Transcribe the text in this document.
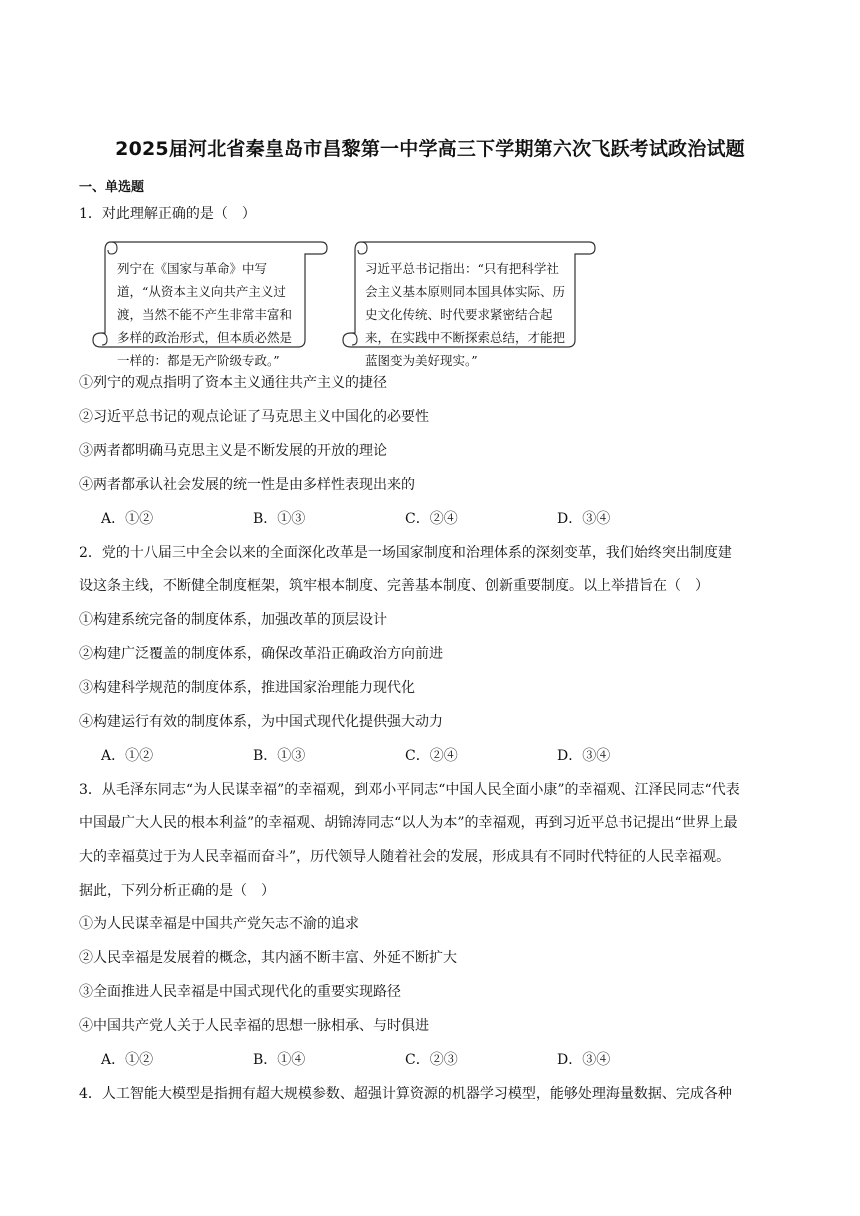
2025届河北省秦皇岛市昌黎第一中学高三下学期第六次飞跃考试政治试题
一、单选题
1．对此理解正确的是（　）
列宁在《国家与革命》中写道，“从资本主义向共产主义过渡，当然不能不产生非常丰富和多样的政治形式，但本质必然是一样的：都是无产阶级专政。”
习近平总书记指出：“只有把科学社会主义基本原则同本国具体实际、历史文化传统、时代要求紧密结合起来，在实践中不断探索总结，才能把蓝图变为美好现实。”
①列宁的观点指明了资本主义通往共产主义的捷径
②习近平总书记的观点论证了马克思主义中国化的必要性
③两者都明确马克思主义是不断发展的开放的理论
④两者都承认社会发展的统一性是由多样性表现出来的
A．①②	B．①③	C．②④	D．③④
2．党的十八届三中全会以来的全面深化改革是一场国家制度和治理体系的深刻变革，我们始终突出制度建
设这条主线，不断健全制度框架，筑牢根本制度、完善基本制度、创新重要制度。以上举措旨在（　）
①构建系统完备的制度体系，加强改革的顶层设计
②构建广泛覆盖的制度体系，确保改革沿正确政治方向前进
③构建科学规范的制度体系，推进国家治理能力现代化
④构建运行有效的制度体系，为中国式现代化提供强大动力
A．①②	B．①③	C．②④	D．③④
3．从毛泽东同志“为人民谋幸福”的幸福观，到邓小平同志“中国人民全面小康”的幸福观、江泽民同志“代表
中国最广大人民的根本利益”的幸福观、胡锦涛同志“以人为本”的幸福观，再到习近平总书记提出“世界上最
大的幸福莫过于为人民幸福而奋斗”，历代领导人随着社会的发展，形成具有不同时代特征的人民幸福观。
据此，下列分析正确的是（　）
①为人民谋幸福是中国共产党矢志不渝的追求
②人民幸福是发展着的概念，其内涵不断丰富、外延不断扩大
③全面推进人民幸福是中国式现代化的重要实现路径
④中国共产党人关于人民幸福的思想一脉相承、与时俱进
A．①②	B．①④	C．②③	D．③④
4．人工智能大模型是指拥有超大规模参数、超强计算资源的机器学习模型，能够处理海量数据、完成各种
